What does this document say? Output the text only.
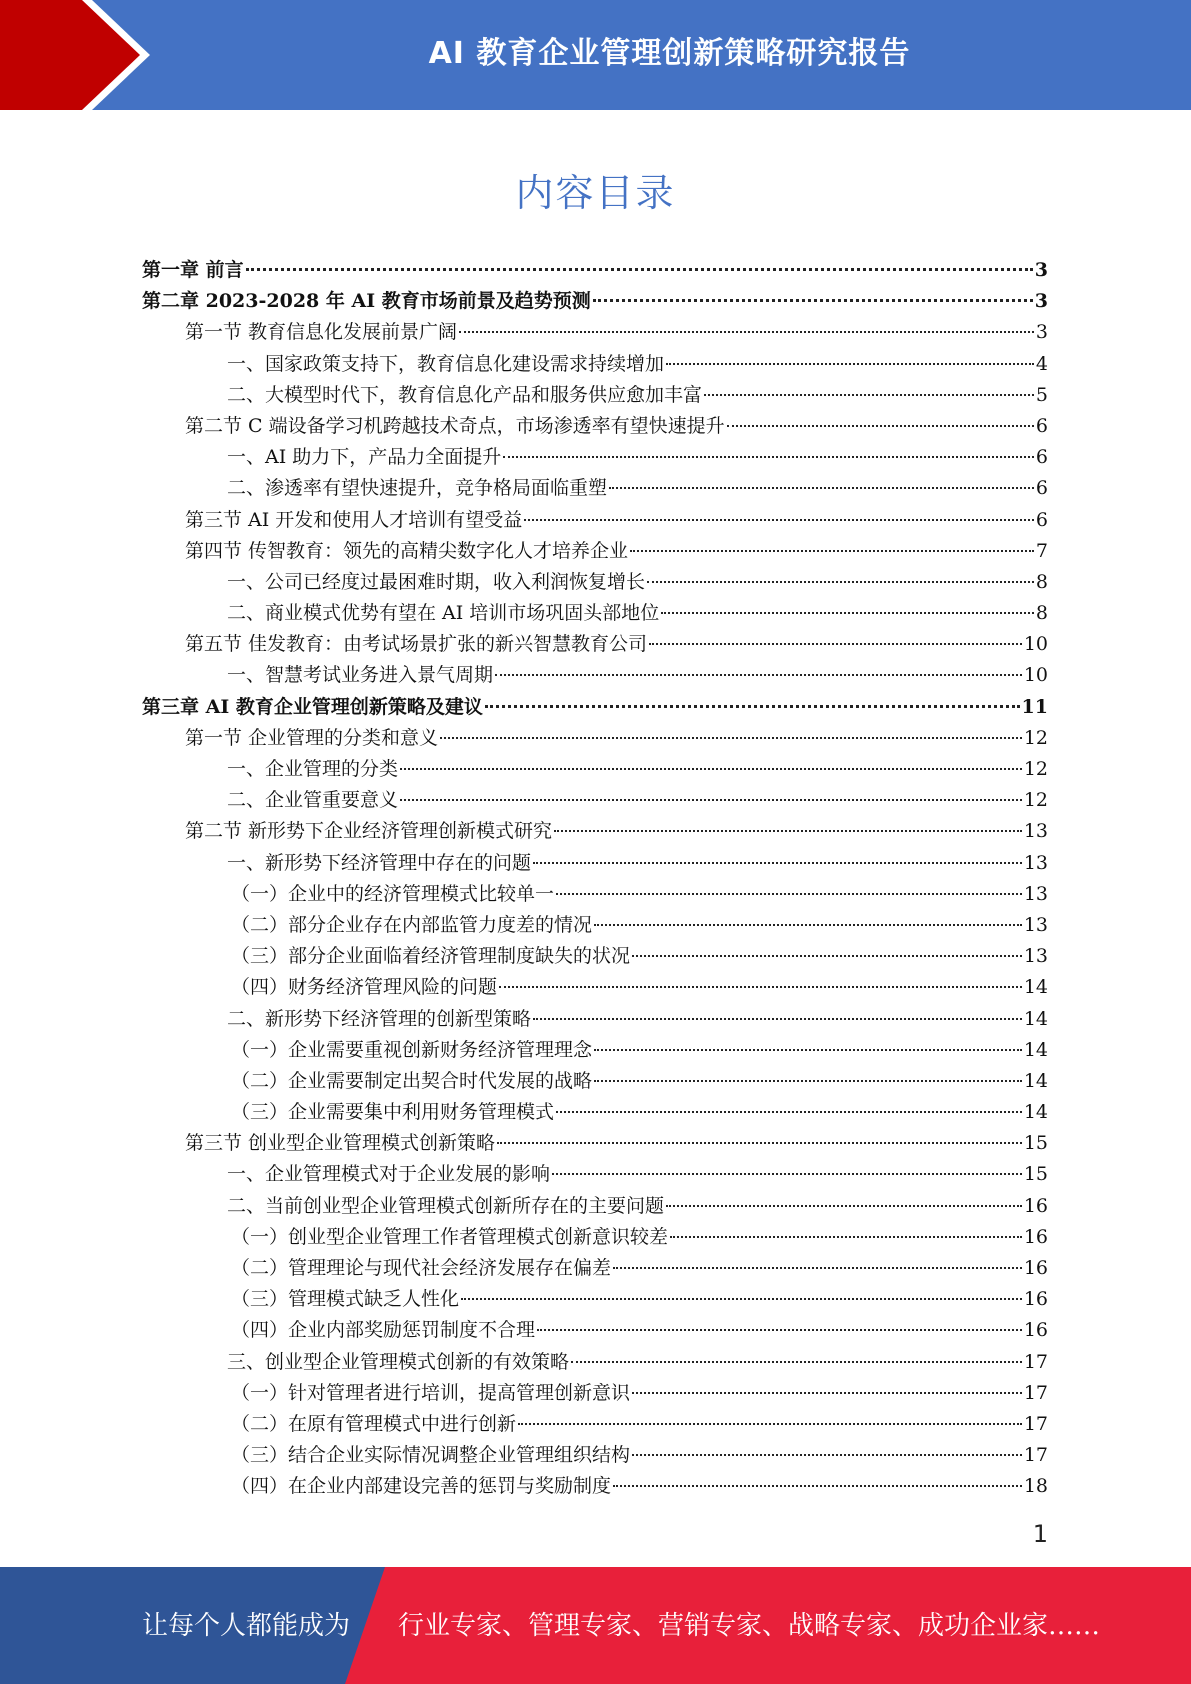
AI 教育企业管理创新策略研究报告
内容目录
第一章 前言	3
第二章 2023-2028 年 AI 教育市场前景及趋势预测	3
第一节 教育信息化发展前景广阔	3
一、国家政策支持下，教育信息化建设需求持续增加	4
二、大模型时代下，教育信息化产品和服务供应愈加丰富	5
第二节 C 端设备学习机跨越技术奇点，市场渗透率有望快速提升	6
一、AI 助力下，产品力全面提升	6
二、渗透率有望快速提升，竞争格局面临重塑	6
第三节 AI 开发和使用人才培训有望受益	6
第四节 传智教育：领先的高精尖数字化人才培养企业	7
一、公司已经度过最困难时期，收入利润恢复增长	8
二、商业模式优势有望在 AI 培训市场巩固头部地位	8
第五节 佳发教育：由考试场景扩张的新兴智慧教育公司	10
一、智慧考试业务进入景气周期	10
第三章 AI 教育企业管理创新策略及建议	11
第一节 企业管理的分类和意义	12
一、企业管理的分类	12
二、企业管重要意义	12
第二节 新形势下企业经济管理创新模式研究	13
一、新形势下经济管理中存在的问题	13
（一）企业中的经济管理模式比较单一	13
（二）部分企业存在内部监管力度差的情况	13
（三）部分企业面临着经济管理制度缺失的状况	13
（四）财务经济管理风险的问题	14
二、新形势下经济管理的创新型策略	14
（一）企业需要重视创新财务经济管理理念	14
（二）企业需要制定出契合时代发展的战略	14
（三）企业需要集中利用财务管理模式	14
第三节 创业型企业管理模式创新策略	15
一、企业管理模式对于企业发展的影响	15
二、当前创业型企业管理模式创新所存在的主要问题	16
（一）创业型企业管理工作者管理模式创新意识较差	16
（二）管理理论与现代社会经济发展存在偏差	16
（三）管理模式缺乏人性化	16
（四）企业内部奖励惩罚制度不合理	16
三、创业型企业管理模式创新的有效策略	17
（一）针对管理者进行培训，提高管理创新意识	17
（二）在原有管理模式中进行创新	17
（三）结合企业实际情况调整企业管理组织结构	17
（四）在企业内部建设完善的惩罚与奖励制度	18
1
让每个人都能成为 行业专家、管理专家、营销专家、战略专家、成功企业家……
